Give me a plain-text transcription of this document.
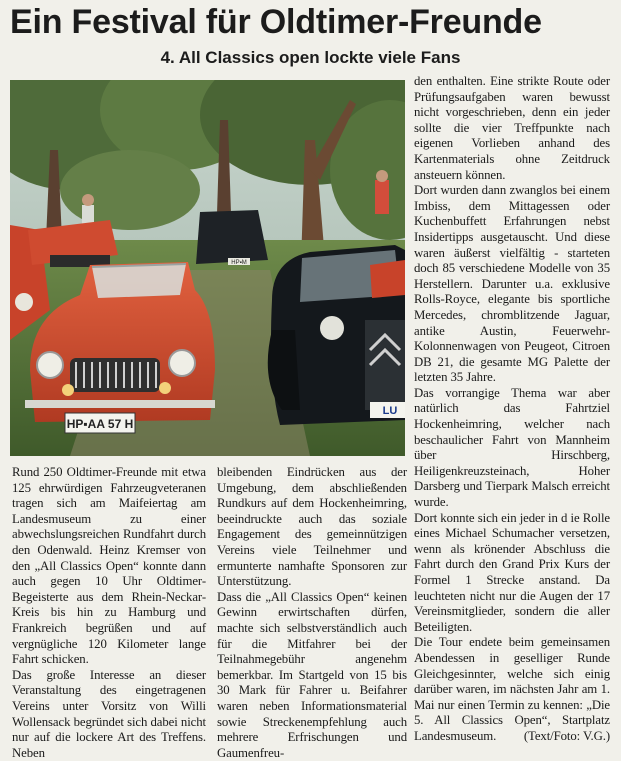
Ein Festival für Oldtimer-Freunde
4. All Classics open lockte viele Fans
HP▪AA 57 H
LU
HP▪M

den enthalten. Eine strikte Route oder Prüfungsaufgaben waren bewusst nicht vorgeschrieben, denn ein jeder sollte die vier Treffpunkte nach eigenen Vorlieben anhand des Kartenmaterials ohne Zeitdruck ansteuern können.

Dort wurden dann zwanglos bei einem Imbiss, dem Mittagessen oder Kuchenbuffett Erfahrungen nebst Insidertipps ausgetauscht. Und diese waren äußerst vielfältig - starteten doch 85 verschiedene Modelle von 35 Herstellern. Darunter u.a. exklusive Rolls-Royce, elegante bis sportliche Mercedes, chromblitzende Jaguar, antike Austin, Feuerwehr-Kolonnenwagen von Peugeot, Citroen DB 21, die gesamte MG Palette der letzten 35 Jahre.

Das vorrangige Thema war aber natürlich das Fahrtziel Hockenheimring, welcher nach beschaulicher Fahrt von Mannheim über Hirschberg, Heiligenkreuzsteinach, Hoher Darsberg und Tierpark Malsch erreicht wurde.

Dort konnte sich ein jeder in d ie Rolle eines Michael Schumacher versetzen, wenn als krönender Abschluss die Fahrt durch den Grand Prix Kurs der Formel 1 Strecke anstand. Da leuchteten nicht nur die Augen der 17 Vereinsmitglieder, sondern die aller Beteiligten.

Die Tour endete beim gemeinsamen Abendessen in geselliger Runde Gleichgesinnter, welche sich einig darüber waren, im nächsten Jahr am 1. Mai nur einen Termin zu kennen: „Die 5. All Classics Open“, Startplatz Landesmuseum. (Text/Foto: V.G.)

Rund 250 Oldtimer-Freunde mit etwa 125 ehrwürdigen Fahrzeugveteranen tragen sich am Maifeiertag am Landesmuseum zu einer abwechslungsreichen Rundfahrt durch den Odenwald. Heinz Kremser von den „All Classics Open“ konnte dann auch gegen 10 Uhr Oldtimer-Begeisterte aus dem Rhein-Neckar-Kreis bis hin zu Hamburg und Frankreich begrüßen und auf vergnügliche 120 Kilometer lange Fahrt schicken.

Das große Interesse an dieser Veranstaltung des eingetragenen Vereins unter Vorsitz von Willi Wollensack begründet sich dabei nicht nur auf die lockere Art des Treffens. Neben

bleibenden Eindrücken aus der Umgebung, dem abschließenden Rundkurs auf dem Hockenheimring, beeindruckte auch das soziale Engagement des gemeinnützigen Vereins viele Teilnehmer und ermunterte namhafte Sponsoren zur Unterstützung.

Dass die „All Classics Open“ keinen Gewinn erwirtschaften dürfen, machte sich selbstverständlich auch für die Mitfahrer bei der Teilnahmegebühr angenehm bemerkbar. Im Startgeld von 15 bis 30 Mark für Fahrer u. Beifahrer waren neben Informationsmaterial sowie Streckenempfehlung auch mehrere Erfrischungen und Gaumenfreu-
